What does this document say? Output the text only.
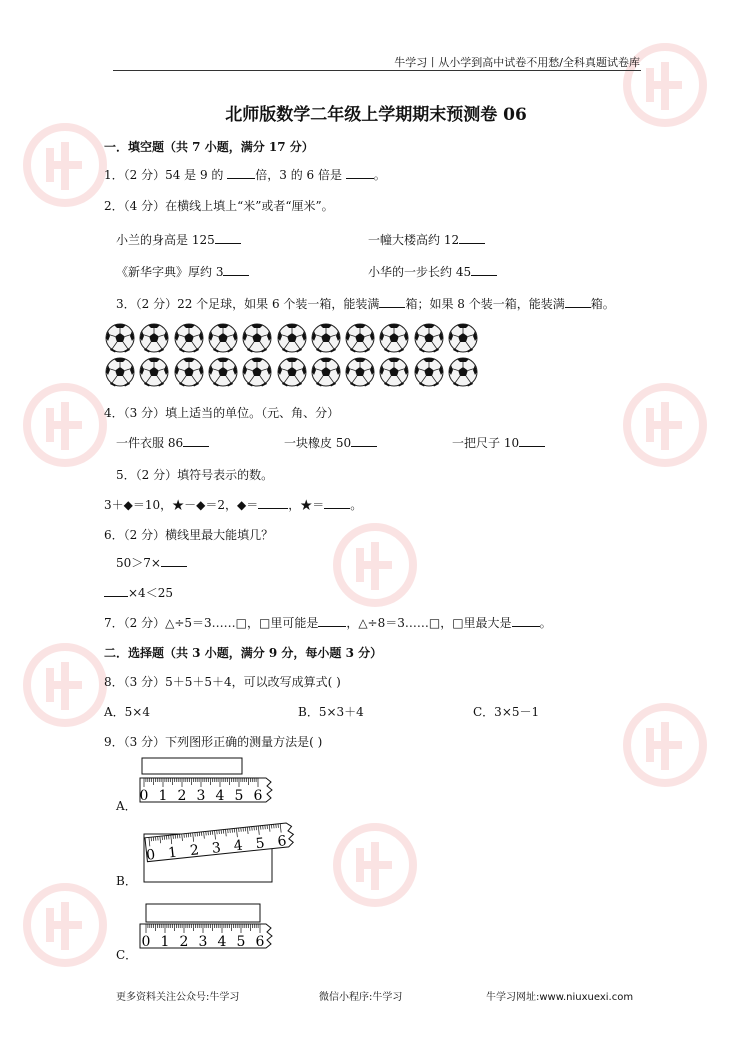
牛学习丨从小学到高中试卷不用愁/全科真题试卷库
北师版数学二年级上学期期末预测卷 06
一．填空题（共 7 小题，满分 17 分）
1．（2 分）54 是 9 的 倍，3 的 6 倍是 。
2．（4 分）在横线上填上“米”或者“厘米”。
小兰的身高是 125	一幢大楼高约 12
《新华字典》厚约 3	小华的一步长约 45
3．（2 分）22 个足球，如果 6 个装一箱，能装满 箱；如果 8 个装一箱，能装满 箱。
4．（3 分）填上适当的单位。（元、角、分）
一件衣服 86	一块橡皮 50	一把尺子 10
5．（2 分）填符号表示的数。
3＋◆＝10，★－◆＝2，◆＝	，★＝ 。
6．（2 分）横线里最大能填几？
50＞7×
×4＜25
7．（2 分）△÷5＝3……□，□里可能是 ，△÷8＝3……□，□里最大是 。
二．选择题（共 3 小题，满分 9 分，每小题 3 分）
8．（3 分）5＋5＋5＋4，可以改写成算式( )
A．5×4	B．5×3＋4	C．3×5－1
9．（3 分）下列图形正确的测量方法是( )
0 1 2 3 4 5 6
A．
0 1 2 3 4 5 6
B．
0 1 2 3 4 5 6
C．
更多资料关注公众号:牛学习	微信小程序:牛学习	牛学习网址:www.niuxuexi.com
